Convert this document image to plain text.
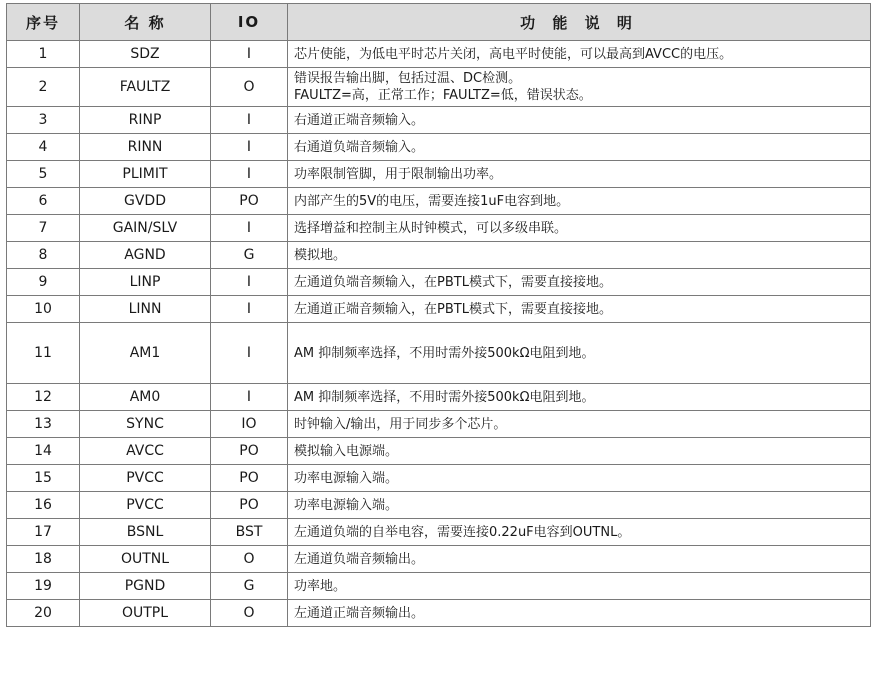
序号	名 称	IO	功 能 说 明
1	SDZ	I	芯片使能，为低电平时芯片关闭，高电平时使能，可以最高到AVCC的电压。

2	FAULTZ	O	错误报告输出脚，包括过温、DC检测。
FAULTZ=高，正常工作；FAULTZ=低，错误状态。

3	RINP	I	右通道正端音频输入。

4	RINN	I	右通道负端音频输入。

5	PLIMIT	I	功率限制管脚，用于限制输出功率。

6	GVDD	PO	内部产生的5V的电压，需要连接1uF电容到地。

7	GAIN/SLV	I	选择增益和控制主从时钟模式，可以多级串联。

8	AGND	G	模拟地。

9	LINP	I	左通道负端音频输入，在PBTL模式下，需要直接接地。

10	LINN	I	左通道正端音频输入，在PBTL模式下，需要直接接地。

11	AM1	I	AM 抑制频率选择，不用时需外接500kΩ电阻到地。

12	AM0	I	AM 抑制频率选择，不用时需外接500kΩ电阻到地。

13	SYNC	IO	时钟输入/输出，用于同步多个芯片。

14	AVCC	PO	模拟输入电源端。

15	PVCC	PO	功率电源输入端。

16	PVCC	PO	功率电源输入端。

17	BSNL	BST	左通道负端的自举电容，需要连接0.22uF电容到OUTNL。

18	OUTNL	O	左通道负端音频输出。

19	PGND	G	功率地。

20	OUTPL	O	左通道正端音频输出。
